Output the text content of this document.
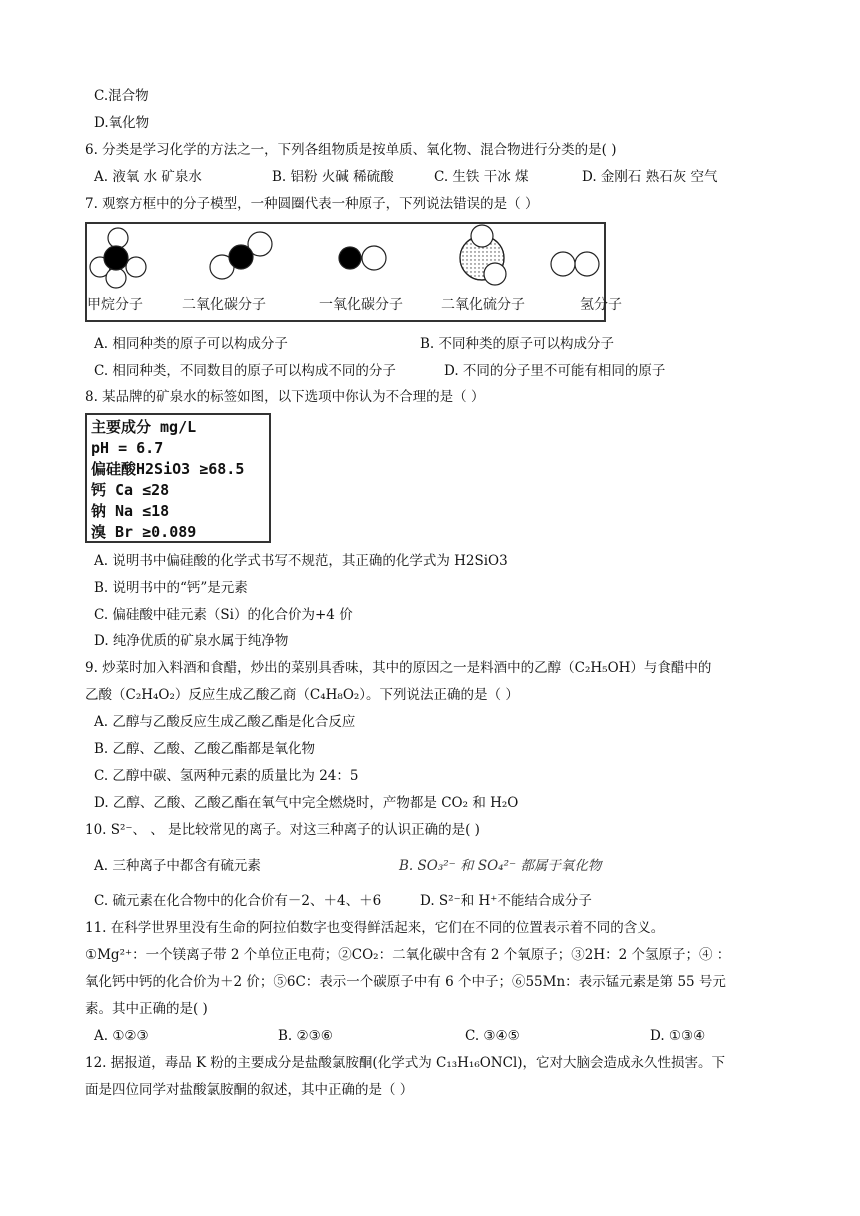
C.混合物
D.氧化物
6. 分类是学习化学的方法之一，下列各组物质是按单质、氧化物、混合物进行分类的是( )
A. 液氧 水 矿泉水	B. 铝粉 火碱 稀硫酸	C. 生铁 干冰 煤	D. 金刚石 熟石灰 空气
7. 观察方框中的分子模型，一种圆圈代表一种原子，下列说法错误的是（ ）
甲烷分子	二氧化碳分子	一氧化碳分子	二氧化硫分子	氢分子
A. 相同种类的原子可以构成分子	B. 不同种类的原子可以构成分子
C. 相同种类，不同数目的原子可以构成不同的分子	D. 不同的分子里不可能有相同的原子
8. 某品牌的矿泉水的标签如图，以下选项中你认为不合理的是（ ）
主要成分 mg/L
pH = 6.7
偏硅酸H2SiO3 ≥68.5
钙 Ca ≤28
钠 Na ≤18
溴 Br ≥0.089
A. 说明书中偏硅酸的化学式书写不规范，其正确的化学式为 H2SiO3
B. 说明书中的“钙”是元素
C. 偏硅酸中硅元素（Si）的化合价为+4 价
D. 纯净优质的矿泉水属于纯净物
9. 炒菜时加入料酒和食醋，炒出的菜别具香味，其中的原因之一是料酒中的乙醇（C₂H₅OH）与食醋中的
乙酸（C₂H₄O₂）反应生成乙酸乙商（C₄H₈O₂）。下列说法正确的是（ ）
A. 乙醇与乙酸反应生成乙酸乙酯是化合反应
B. 乙醇、乙酸、乙酸乙酯都是氧化物
C. 乙醇中碳、氢两种元素的质量比为 24：5
D. 乙醇、乙酸、乙酸乙酯在氧气中完全燃烧时，产物都是 CO₂ 和 H₂O
10. S²⁻、 、 是比较常见的离子。对这三种离子的认识正确的是( )
A. 三种离子中都含有硫元素	B. SO₃²⁻ 和 SO₄²⁻ 都属于氧化物
C. 硫元素在化合物中的化合价有－2、＋4、＋6	D. S²⁻和 H⁺不能结合成分子
11. 在科学世界里没有生命的阿拉伯数字也变得鲜活起来，它们在不同的位置表示着不同的含义。
①Mg²⁺：一个镁离子带 2 个单位正电荷；②CO₂：二氧化碳中含有 2 个氧原子；③2H：2 个氢原子；④ ：
氧化钙中钙的化合价为＋2 价；⑤6C：表示一个碳原子中有 6 个中子；⑥55Mn：表示锰元素是第 55 号元
素。其中正确的是( )
A. ①②③	B. ②③⑥	C. ③④⑤	D. ①③④
12. 据报道，毒品 K 粉的主要成分是盐酸氯胺酮(化学式为 C₁₃H₁₆ONCl)，它对大脑会造成永久性损害。下
面是四位同学对盐酸氯胺酮的叙述，其中正确的是（ ）
